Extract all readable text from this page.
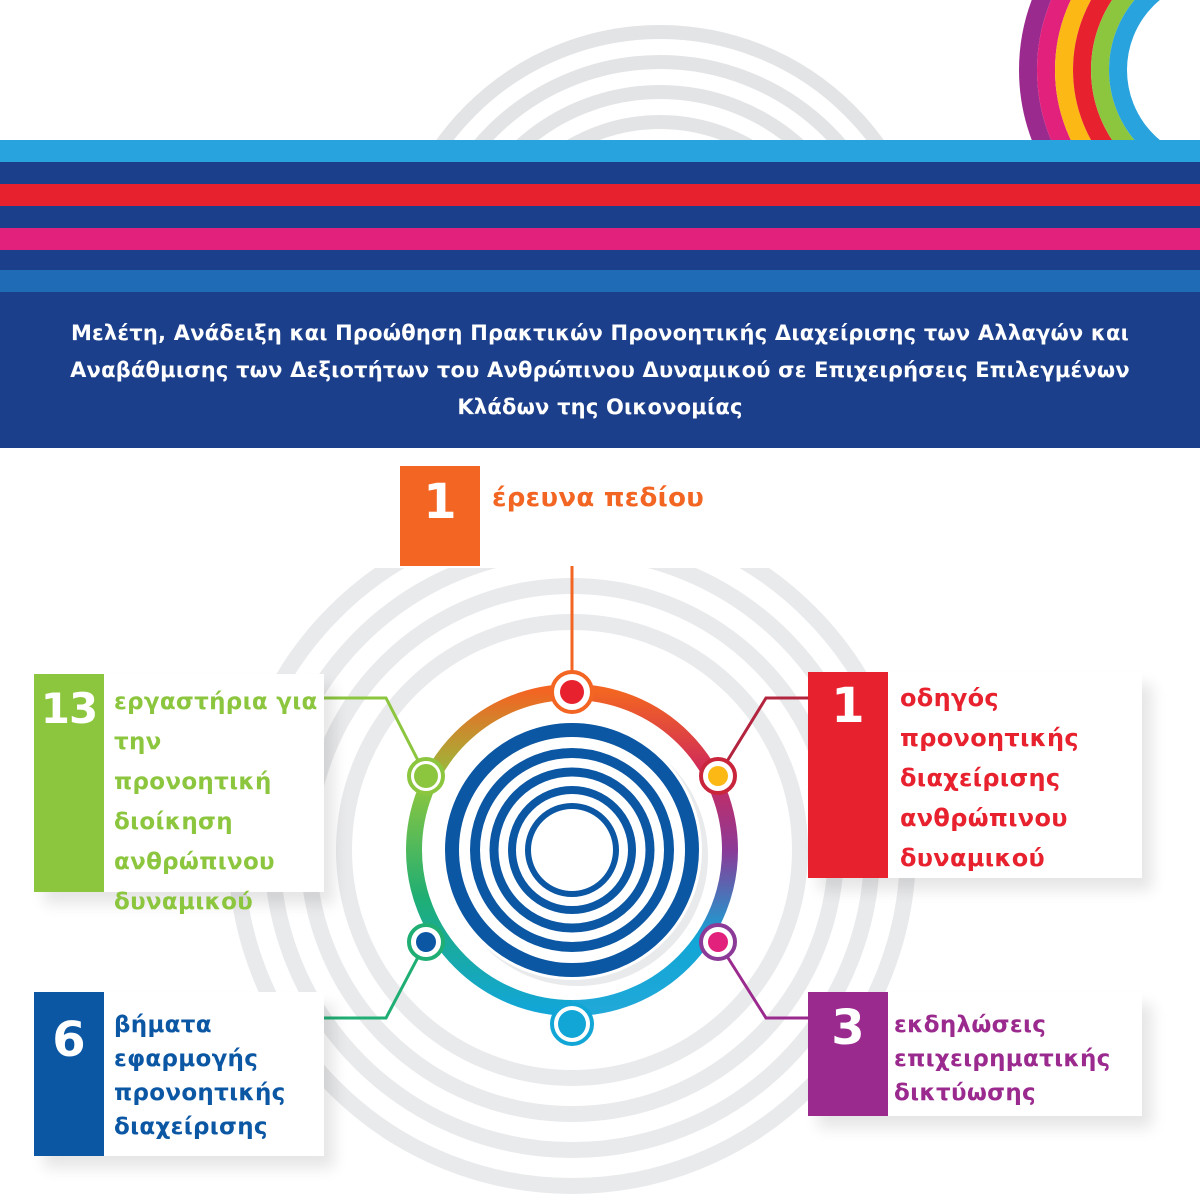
Μελέτη, Ανάδειξη και Προώθηση Πρακτικών Προνοητικής Διαχείρισης των Αλλαγών και Αναβάθμισης των Δεξιοτήτων του Ανθρώπινου Δυναμικού σε Επιχειρήσεις Επιλεγμένων Κλάδων της Οικονομίας
1	έρευνα πεδίου
1	οδηγός προνοητικής διαχείρισης ανθρώπινου δυναμικού
3	εκδηλώσεις επιχειρηματικής δικτύωσης
6	βήματα εφαρμογής προνοητικής διαχείρισης
13 εργαστήρια για την προνοητική διοίκηση ανθρώπινου δυναμικού
